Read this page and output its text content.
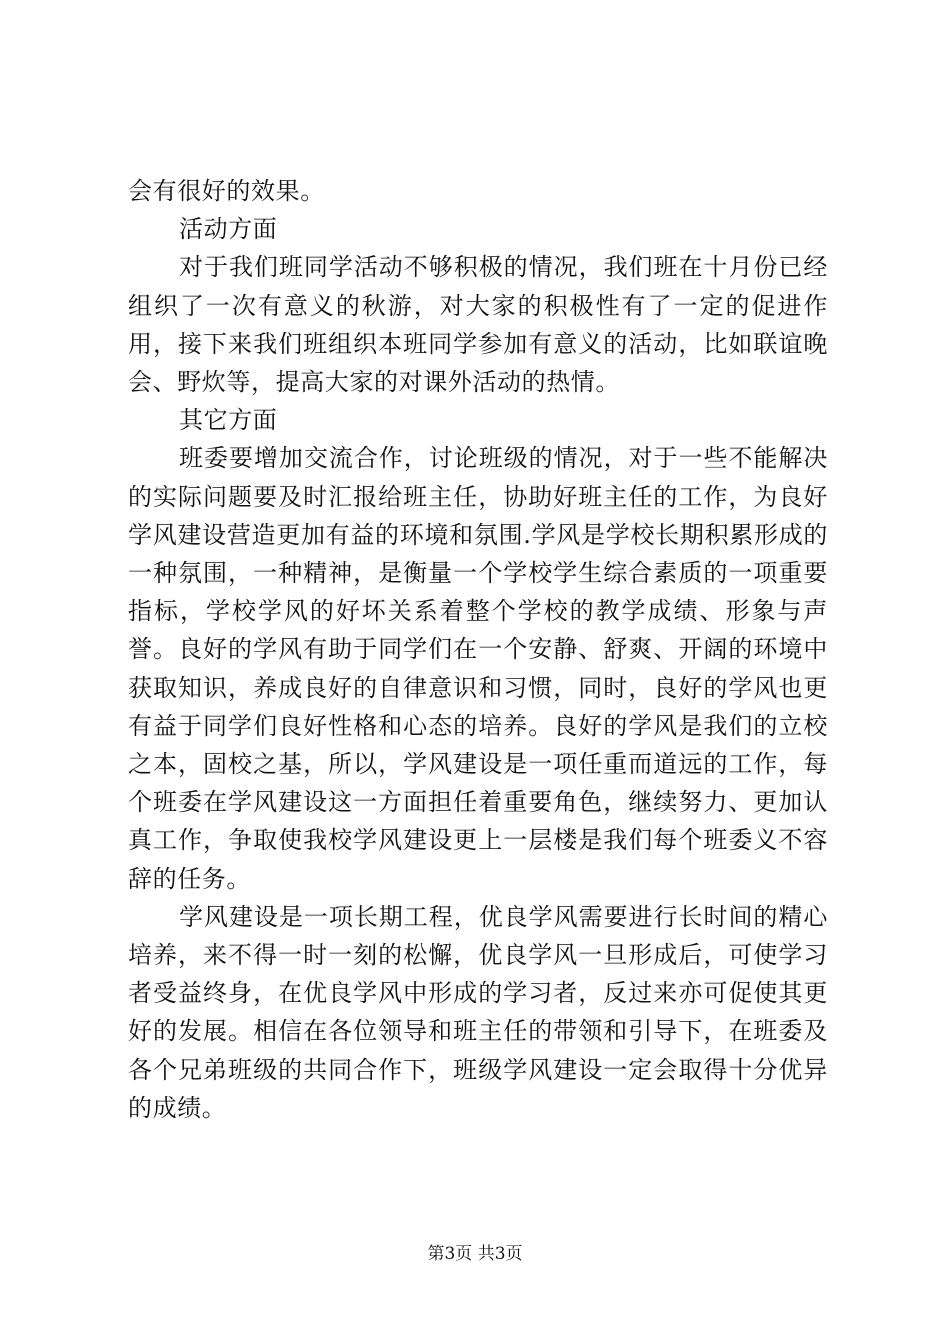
会有很好的效果。

活动方面

对于我们班同学活动不够积极的情况，我们班在十月份已经组织了一次有意义的秋游，对大家的积极性有了一定的促进作用，接下来我们班组织本班同学参加有意义的活动，比如联谊晚会、野炊等，提高大家的对课外活动的热情。

其它方面

班委要增加交流合作，讨论班级的情况，对于一些不能解决的实际问题要及时汇报给班主任，协助好班主任的工作，为良好学风建设营造更加有益的环境和氛围.学风是学校长期积累形成的一种氛围，一种精神，是衡量一个学校学生综合素质的一项重要指标，学校学风的好坏关系着整个学校的教学成绩、形象与声誉。良好的学风有助于同学们在一个安静、舒爽、开阔的环境中获取知识，养成良好的自律意识和习惯，同时，良好的学风也更有益于同学们良好性格和心态的培养。良好的学风是我们的立校之本，固校之基，所以，学风建设是一项任重而道远的工作，每个班委在学风建设这一方面担任着重要角色，继续努力、更加认真工作，争取使我校学风建设更上一层楼是我们每个班委义不容辞的任务。

学风建设是一项长期工程，优良学风需要进行长时间的精心培养，来不得一时一刻的松懈，优良学风一旦形成后，可使学习者受益终身，在优良学风中形成的学习者，反过来亦可促使其更好的发展。相信在各位领导和班主任的带领和引导下，在班委及各个兄弟班级的共同合作下，班级学风建设一定会取得十分优异的成绩。

第3页 共3页
